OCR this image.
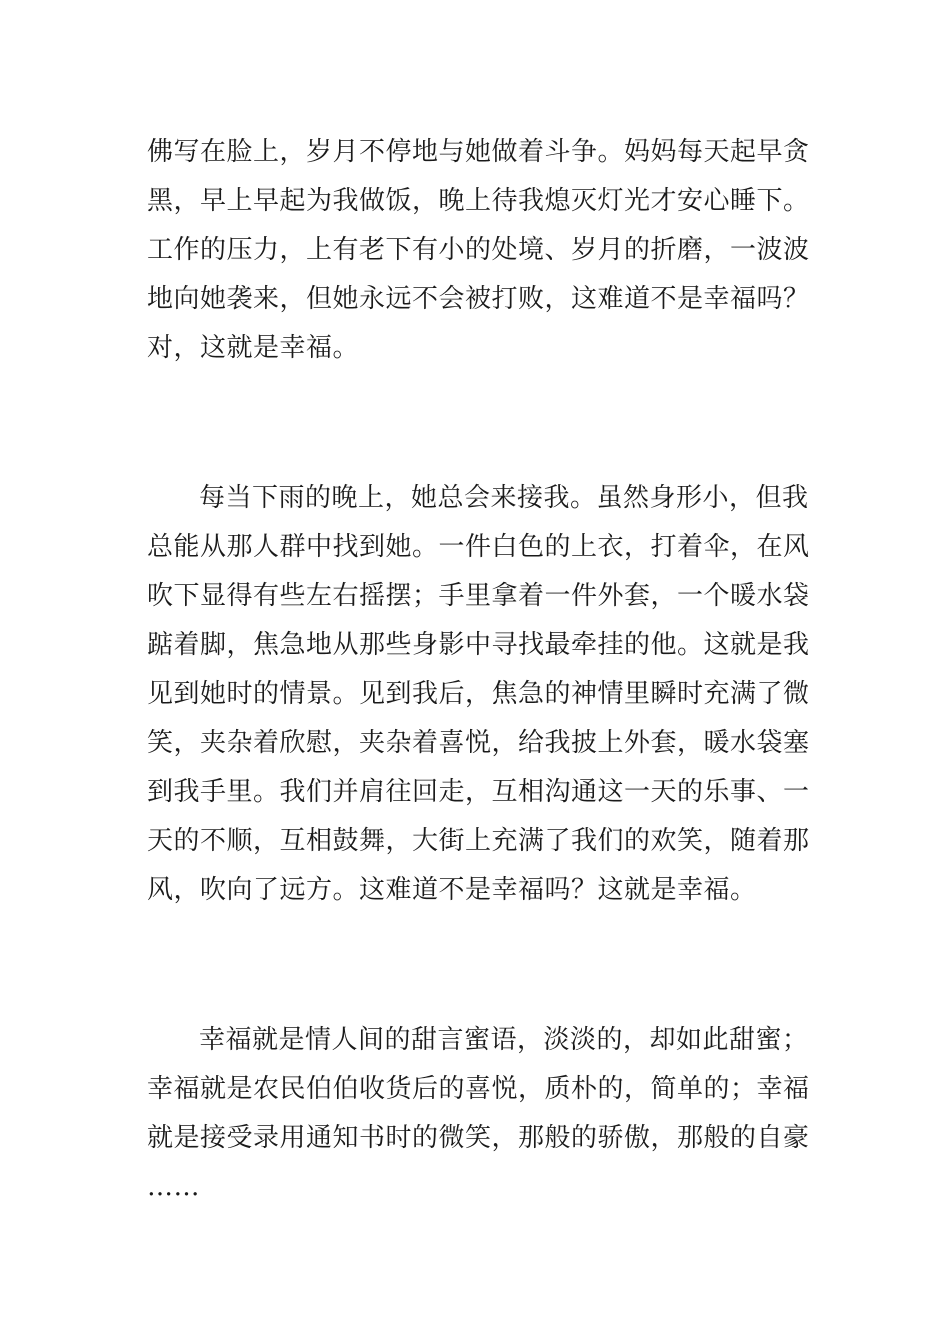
佛写在脸上，岁月不停地与她做着斗争。妈妈每天起早贪
黑，早上早起为我做饭，晚上待我熄灭灯光才安心睡下。
工作的压力，上有老下有小的处境、岁月的折磨，一波波
地向她袭来，但她永远不会被打败，这难道不是幸福吗？
对，这就是幸福。
每当下雨的晚上，她总会来接我。虽然身形小，但我
总能从那人群中找到她。一件白色的上衣，打着伞，在风
吹下显得有些左右摇摆；手里拿着一件外套，一个暖水袋
踮着脚，焦急地从那些身影中寻找最牵挂的他。这就是我
见到她时的情景。见到我后，焦急的神情里瞬时充满了微
笑，夹杂着欣慰，夹杂着喜悦，给我披上外套，暖水袋塞
到我手里。我们并肩往回走，互相沟通这一天的乐事、一
天的不顺，互相鼓舞，大街上充满了我们的欢笑，随着那
风，吹向了远方。这难道不是幸福吗？这就是幸福。
幸福就是情人间的甜言蜜语，淡淡的，却如此甜蜜；
幸福就是农民伯伯收货后的喜悦，质朴的，简单的；幸福
就是接受录用通知书时的微笑，那般的骄傲，那般的自豪
……
